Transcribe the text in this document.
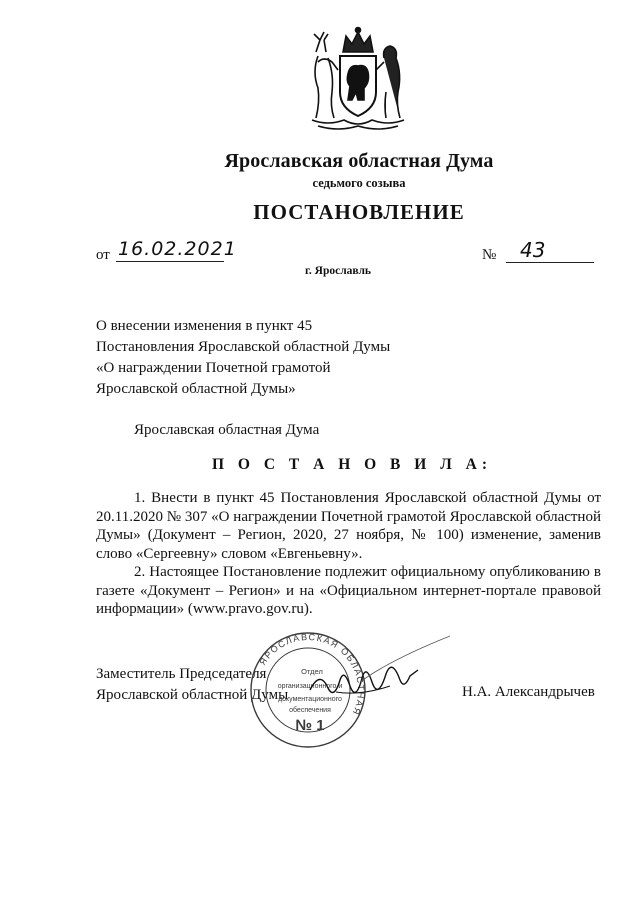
Ярославская областная Дума
седьмого созыва
ПОСТАНОВЛЕНИЕ
от 16.02.2021	№	43
г. Ярославль
О внесении изменения в пункт 45
Постановления Ярославской областной Думы
«О награждении Почетной грамотой
Ярославской областной Думы»
Ярославская областная Дума
П О С Т А Н О В И Л А:

1. Внести в пункт 45 Постановления Ярославской областной Думы от 20.11.2020 № 307 «О награждении Почетной грамотой Ярославской областной Думы» (Документ – Регион, 2020, 27 ноября, № 100) изменение, заменив слово «Сергеевну» словом «Евгеньевну».

2. Настоящее Постановление подлежит официальному опубликованию в газете «Документ – Регион» и на «Официальном интернет-портале правовой информации» (www.pravo.gov.ru).

Заместитель Председателя
Ярославской областной Думы
ЯРОСЛАВСКАЯ ОБЛАСТНАЯ
Отдел
организационного и
документационного
обеспечения
№ 1
Н.А. Александрычев
